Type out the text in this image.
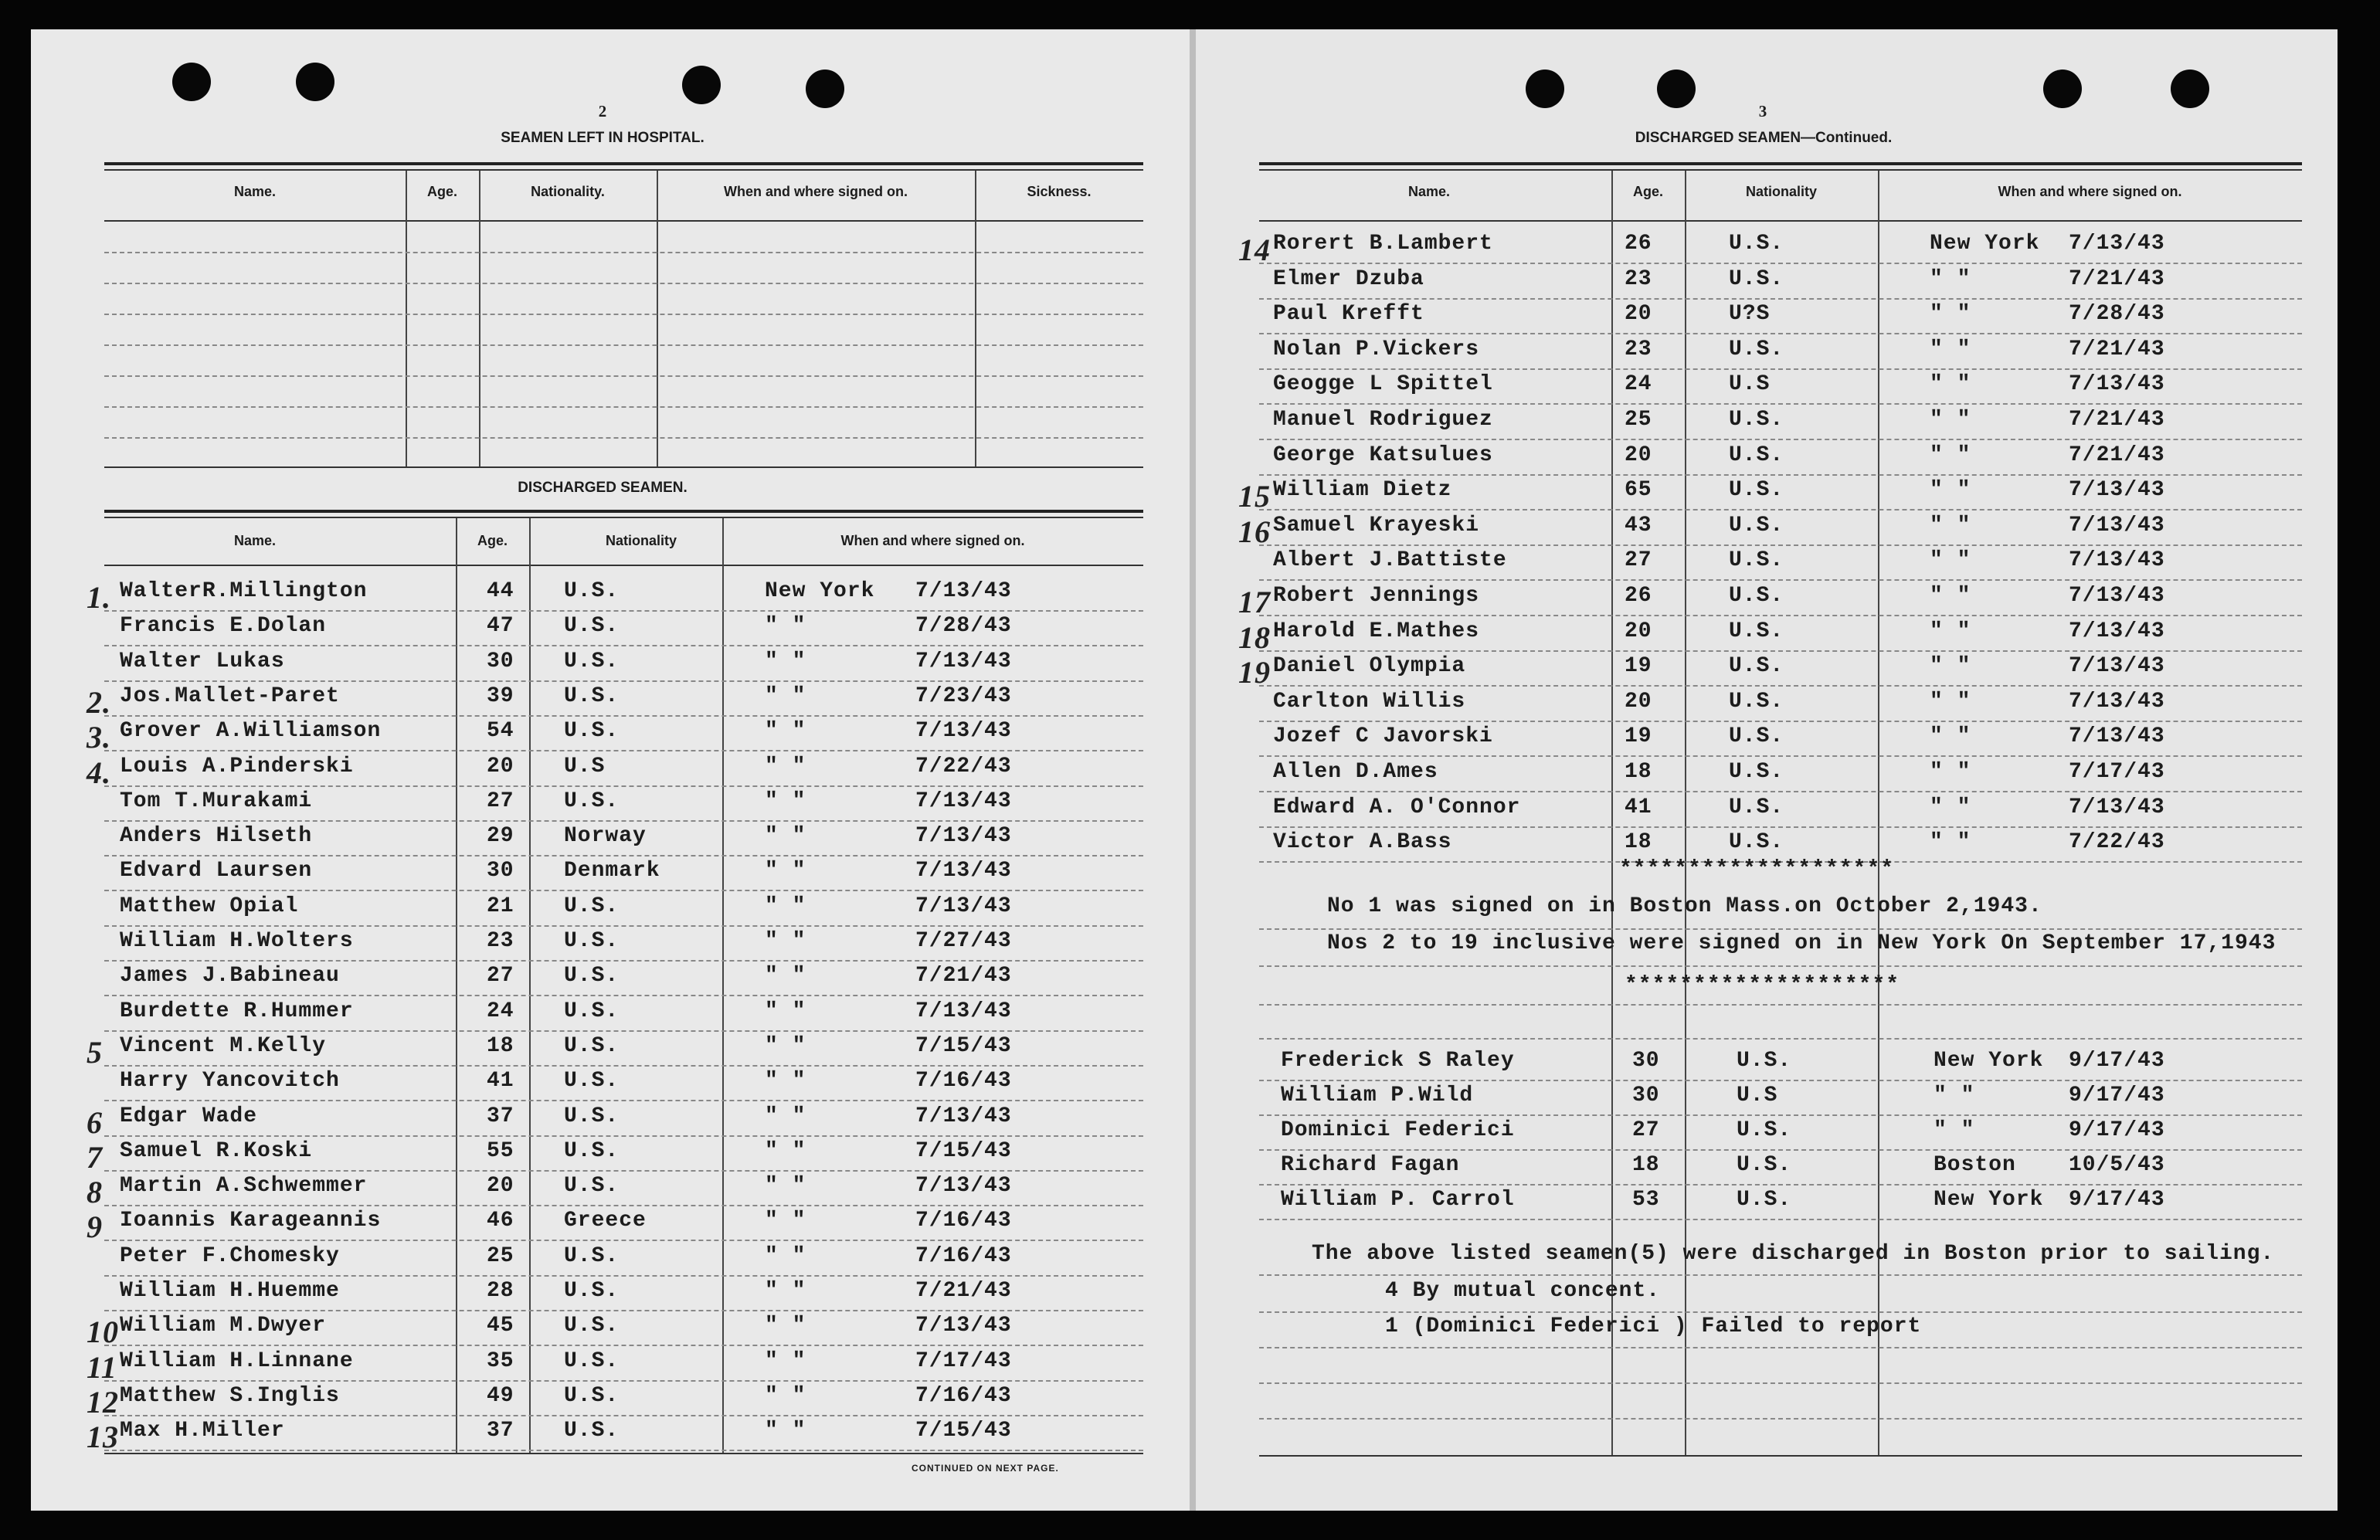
2
SEAMEN LEFT IN HOSPITAL.
Name.	Age.	Nationality.	When and where signed on.	Sickness.
DISCHARGED SEAMEN.
Name.	Age.	Nationality	When and where signed on.
1. WalterR.Millington	44 U.S.	New York 7/13/43
Francis E.Dolan	47 U.S.	" "	7/28/43
Walter Lukas	30 U.S.	" "	7/13/43
2. Jos.Mallet-Paret	39 U.S.	" "	7/23/43
3. Grover A.Williamson	54 U.S.	" "	7/13/43
4. Louis A.Pinderski	20 U.S	" "	7/22/43
Tom T.Murakami	27 U.S.	" "	7/13/43
Anders Hilseth	29 Norway	" "	7/13/43
Edvard Laursen	30 Denmark	" "	7/13/43
Matthew Opial	21 U.S.	" "	7/13/43
William H.Wolters	23 U.S.	" "	7/27/43
James J.Babineau	27 U.S.	" "	7/21/43
Burdette R.Hummer	24 U.S.	" "	7/13/43
5 Vincent M.Kelly	18 U.S.	" "	7/15/43
Harry Yancovitch	41 U.S.	" "	7/16/43
6 Edgar Wade	37 U.S.	" "	7/13/43
7 Samuel R.Koski	55 U.S.	" "	7/15/43
8 Martin A.Schwemmer	20 U.S.	" "	7/13/43
9 Ioannis Karageannis	46 Greece	" "	7/16/43
Peter F.Chomesky	25 U.S.	" "	7/16/43
William H.Huemme	28 U.S.	" "	7/21/43
10 William M.Dwyer	45 U.S.	" "	7/13/43
11 William H.Linnane	35 U.S.	" "	7/17/43
12 Matthew S.Inglis	49 U.S.	" "	7/16/43
13 Max H.Miller	37 U.S.	" "	7/15/43
CONTINUED ON NEXT PAGE.
3
DISCHARGED SEAMEN—Continued.
Name.	Age.	Nationality	When and where signed on.
14 Rorert B.Lambert	26	U.S.	New York 7/13/43
Elmer Dzuba	23	U.S.	" "	7/21/43
Paul Krefft	20	U?S	" "	7/28/43
Nolan P.Vickers	23	U.S.	" "	7/21/43
Geogge L Spittel	24	U.S	" "	7/13/43
Manuel Rodriguez	25	U.S.	" "	7/21/43
George Katsulues	20	U.S.	" "	7/21/43
15 William Dietz	65	U.S.	" "	7/13/43
16 Samuel Krayeski	43	U.S.	" "	7/13/43
Albert J.Battiste	27	U.S.	" "	7/13/43
17 Robert Jennings	26	U.S.	" "	7/13/43
18 Harold E.Mathes	20	U.S.	" "	7/13/43
19 Daniel Olympia	19	U.S.	" "	7/13/43
Carlton Willis	20	U.S.	" "	7/13/43
Jozef C Javorski	19	U.S.	" "	7/13/43
Allen D.Ames	18	U.S.	" "	7/17/43
Edward A. O'Connor	41	U.S.	" "	7/13/43
Victor A.Bass	18	U.S.	" "	7/22/43
********************
No 1 was signed on in Boston Mass.on October 2,1943.
Nos 2 to 19 inclusive were signed on in New York On September 17,1943
********************
Frederick S Raley	30	U.S.	New York 9/17/43
William P.Wild	30	U.S	" "	9/17/43
Dominici Federici	27	U.S.	" "	9/17/43
Richard Fagan	18	U.S.	Boston 10/5/43
William P. Carrol	53	U.S.	New York 9/17/43
The above listed seamen(5) were discharged in Boston prior to sailing.
4 By mutual concent.
1 (Dominici Federici ) Failed to report
